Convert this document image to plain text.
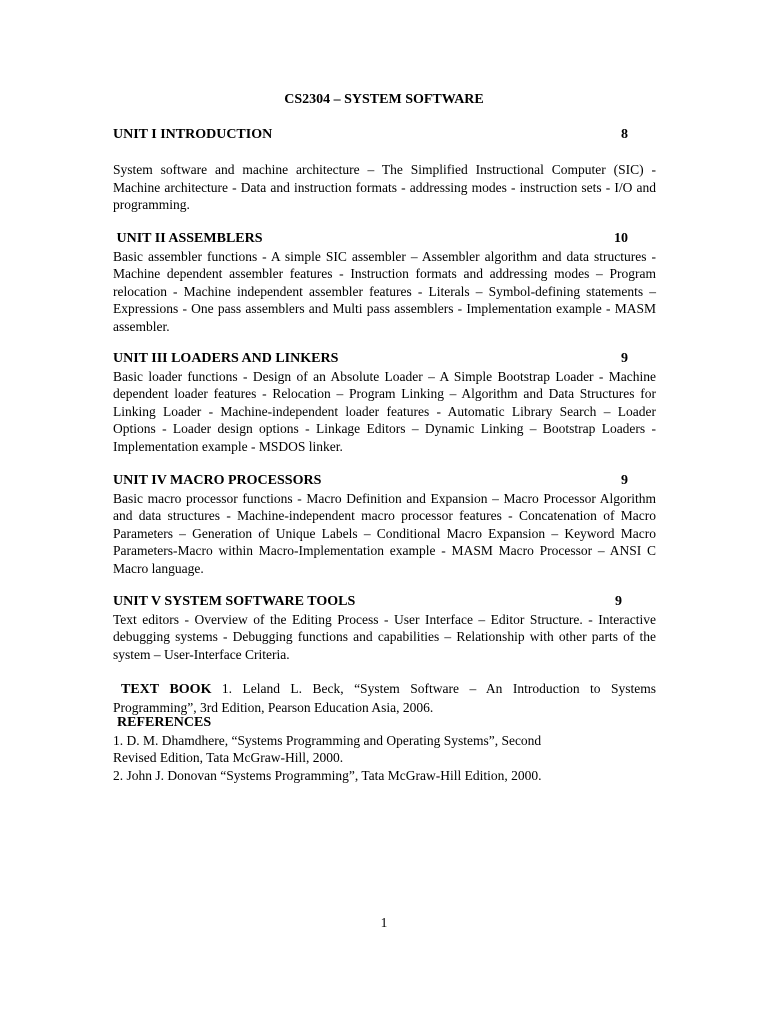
CS2304 – SYSTEM SOFTWARE
UNIT I INTRODUCTION	8
System software and machine architecture – The Simplified Instructional Computer (SIC) - Machine architecture - Data and instruction formats - addressing modes - instruction sets - I/O and programming.
UNIT II ASSEMBLERS	10
Basic assembler functions - A simple SIC assembler – Assembler algorithm and data structures - Machine dependent assembler features - Instruction formats and addressing modes – Program relocation - Machine independent assembler features - Literals – Symbol-defining statements – Expressions - One pass assemblers and Multi pass assemblers - Implementation example - MASM assembler.
UNIT III LOADERS AND LINKERS	9
Basic loader functions - Design of an Absolute Loader – A Simple Bootstrap Loader - Machine dependent loader features - Relocation – Program Linking – Algorithm and Data Structures for Linking Loader - Machine-independent loader features - Automatic Library Search – Loader Options - Loader design options - Linkage Editors – Dynamic Linking – Bootstrap Loaders - Implementation example - MSDOS linker.
UNIT IV MACRO PROCESSORS	9
Basic macro processor functions - Macro Definition and Expansion – Macro Processor Algorithm and data structures - Machine-independent macro processor features - Concatenation of Macro Parameters – Generation of Unique Labels – Conditional Macro Expansion – Keyword Macro Parameters-Macro within Macro-Implementation example - MASM Macro Processor – ANSI C Macro language.
UNIT V SYSTEM SOFTWARE TOOLS	9
Text editors - Overview of the Editing Process - User Interface – Editor Structure. - Interactive debugging systems - Debugging functions and capabilities – Relationship with other parts of the system – User-Interface Criteria.
TEXT BOOK 1. Leland L. Beck, “System Software – An Introduction to Systems Programming”, 3rd Edition, Pearson Education Asia, 2006.
REFERENCES
1. D. M. Dhamdhere, “Systems Programming and Operating Systems”, Second
Revised Edition, Tata McGraw-Hill, 2000.
2. John J. Donovan “Systems Programming”, Tata McGraw-Hill Edition, 2000.
1
